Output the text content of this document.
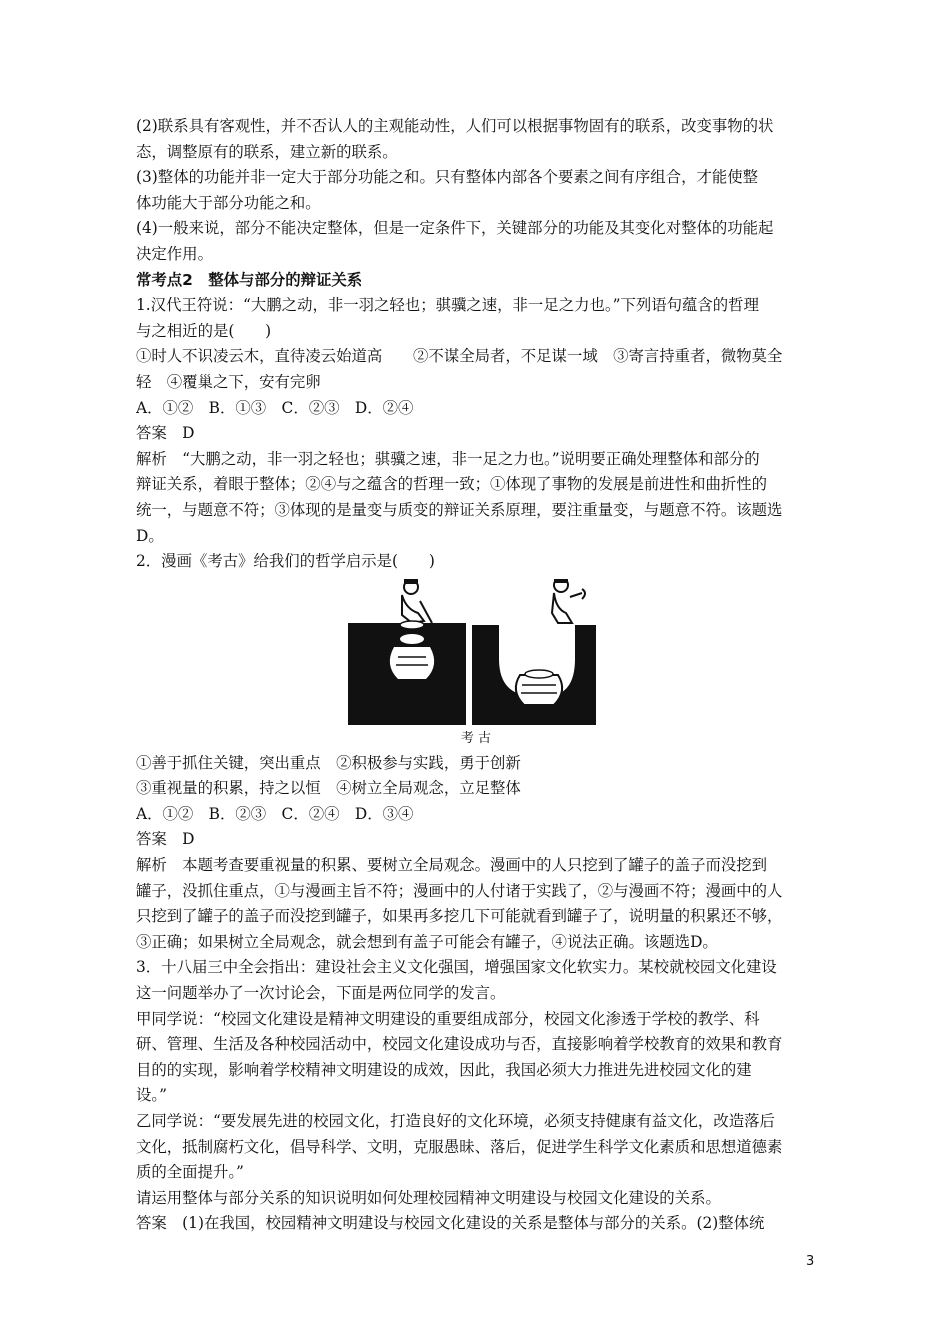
(2)联系具有客观性，并不否认人的主观能动性，人们可以根据事物固有的联系，改变事物的状
态，调整原有的联系，建立新的联系。
(3)整体的功能并非一定大于部分功能之和。只有整体内部各个要素之间有序组合，才能使整
体功能大于部分功能之和。
(4)一般来说，部分不能决定整体，但是一定条件下，关键部分的功能及其变化对整体的功能起
决定作用。
常考点2　整体与部分的辩证关系
1.汉代王符说：“大鹏之动，非一羽之轻也；骐骥之速，非一足之力也。”下列语句蕴含的哲理
与之相近的是(　　)
①时人不识凌云木，直待凌云始道高　　②不谋全局者，不足谋一域　③寄言持重者，微物莫全
轻　④覆巢之下，安有完卵
A．①②　B．①③　C．②③　D．②④
答案　D
解析　“大鹏之动，非一羽之轻也；骐骥之速，非一足之力也。”说明要正确处理整体和部分的
辩证关系，着眼于整体；②④与之蕴含的哲理一致；①体现了事物的发展是前进性和曲折性的
统一，与题意不符；③体现的是量变与质变的辩证关系原理，要注重量变，与题意不符。该题选
D。
2．漫画《考古》给我们的哲学启示是(　　)
考 古
①善于抓住关键，突出重点　②积极参与实践，勇于创新
③重视量的积累，持之以恒　④树立全局观念，立足整体
A．①②　B．②③　C．②④　D．③④
答案　D
解析　本题考查要重视量的积累、要树立全局观念。漫画中的人只挖到了罐子的盖子而没挖到
罐子，没抓住重点，①与漫画主旨不符；漫画中的人付诸于实践了，②与漫画不符；漫画中的人
只挖到了罐子的盖子而没挖到罐子，如果再多挖几下可能就看到罐子了，说明量的积累还不够，
③正确；如果树立全局观念，就会想到有盖子可能会有罐子，④说法正确。该题选D。
3．十八届三中全会指出：建设社会主义文化强国，增强国家文化软实力。某校就校园文化建设
这一问题举办了一次讨论会，下面是两位同学的发言。
甲同学说：“校园文化建设是精神文明建设的重要组成部分，校园文化渗透于学校的教学、科
研、管理、生活及各种校园活动中，校园文化建设成功与否，直接影响着学校教育的效果和教育
目的的实现，影响着学校精神文明建设的成效，因此，我国必须大力推进先进校园文化的建
设。”
乙同学说：“要发展先进的校园文化，打造良好的文化环境，必须支持健康有益文化，改造落后
文化，抵制腐朽文化，倡导科学、文明，克服愚昧、落后，促进学生科学文化素质和思想道德素
质的全面提升。”
请运用整体与部分关系的知识说明如何处理校园精神文明建设与校园文化建设的关系。
答案　(1)在我国，校园精神文明建设与校园文化建设的关系是整体与部分的关系。(2)整体统
3
